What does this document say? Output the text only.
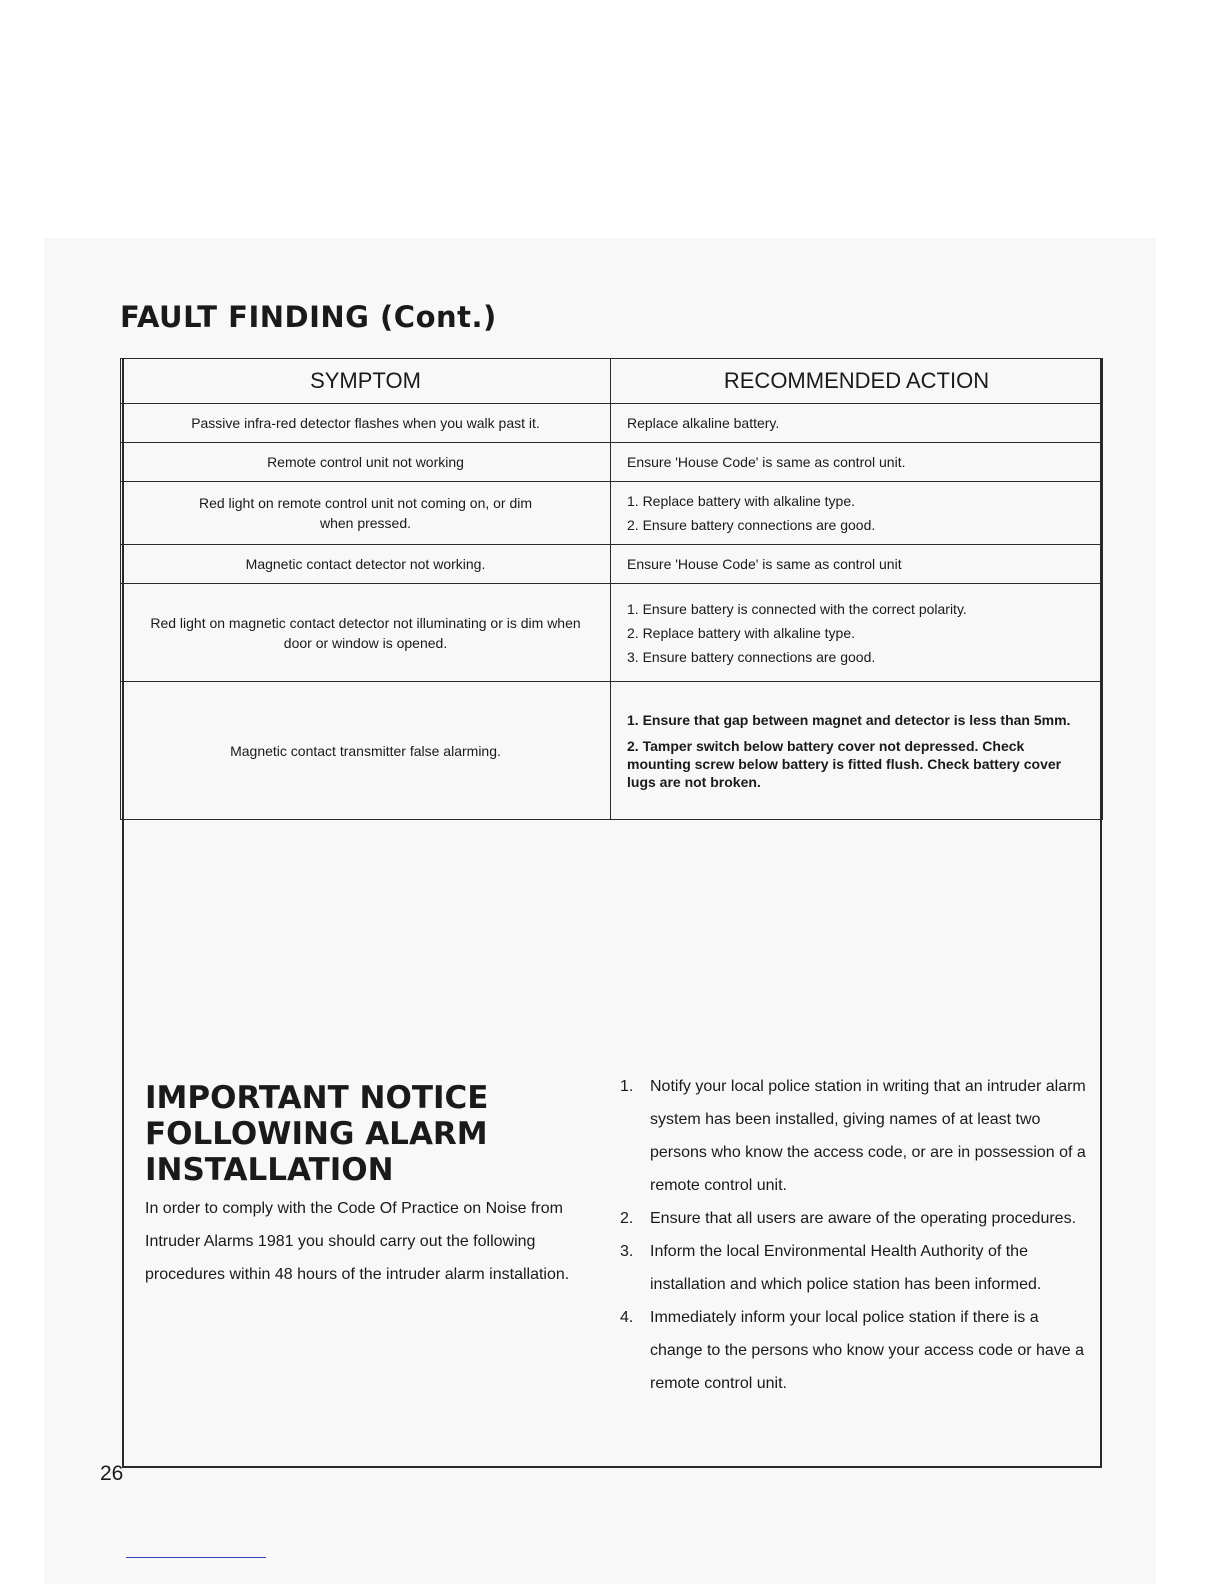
FAULT FINDING (Cont.)
SYMPTOM	RECOMMENDED ACTION
Passive infra-red detector flashes when you walk past it.	Replace alkaline battery.

Remote control unit not working	Ensure 'House Code' is same as control unit.

Red light on remote control unit not coming on, or dim when pressed.	1. Replace battery with alkaline type.
2. Ensure battery connections are good.

Magnetic contact detector not working.	Ensure 'House Code' is same as control unit

Red light on magnetic contact detector not illuminating or is dim when door or window is opened.	1. Ensure battery is connected with the correct polarity.
2. Replace battery with alkaline type.
3. Ensure battery connections are good.

Magnetic contact transmitter false alarming.	1. Ensure that gap between magnet and detector is less than 5mm.
2. Tamper switch below battery cover not depressed. Check mounting screw below battery is fitted flush. Check battery cover lugs are not broken.
IMPORTANT NOTICE
FOLLOWING ALARM
INSTALLATION

In order to comply with the Code Of Practice on Noise from Intruder Alarms 1981 you should carry out the following procedures within 48 hours of the intruder alarm installation.

1. Notify your local police station in writing that an intruder alarm system has been installed, giving names of at least two persons who know the access code, or are in possession of a remote control unit.
2. Ensure that all users are aware of the operating procedures.
3. Inform the local Environmental Health Authority of the installation and which police station has been informed.
4. Immediately inform your local police station if there is a change to the persons who know your access code or have a remote control unit.
26
